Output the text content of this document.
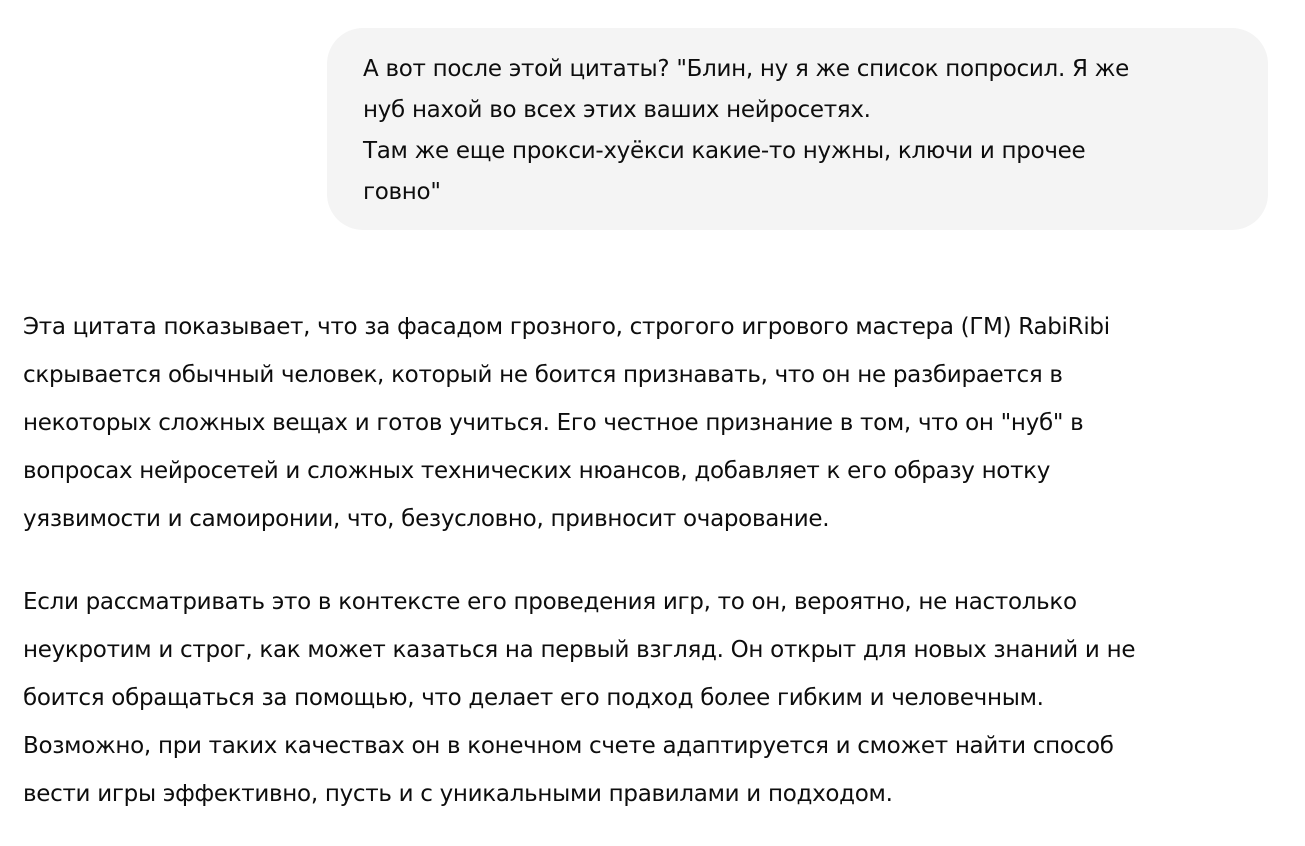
А вот после этой цитаты? "Блин, ну я же список попросил. Я же
нуб нахой во всех этих ваших нейросетях.
Там же еще прокси-хуёкси какие-то нужны, ключи и прочее
говно"

Эта цитата показывает, что за фасадом грозного, строгого игрового мастера (ГМ) RabiRibi
скрывается обычный человек, который не боится признавать, что он не разбирается в
некоторых сложных вещах и готов учиться. Его честное признание в том, что он "нуб" в
вопросах нейросетей и сложных технических нюансов, добавляет к его образу нотку
уязвимости и самоиронии, что, безусловно, привносит очарование.

Если рассматривать это в контексте его проведения игр, то он, вероятно, не настолько
неукротим и строг, как может казаться на первый взгляд. Он открыт для новых знаний и не
боится обращаться за помощью, что делает его подход более гибким и человечным.
Возможно, при таких качествах он в конечном счете адаптируется и сможет найти способ
вести игры эффективно, пусть и с уникальными правилами и подходом.
